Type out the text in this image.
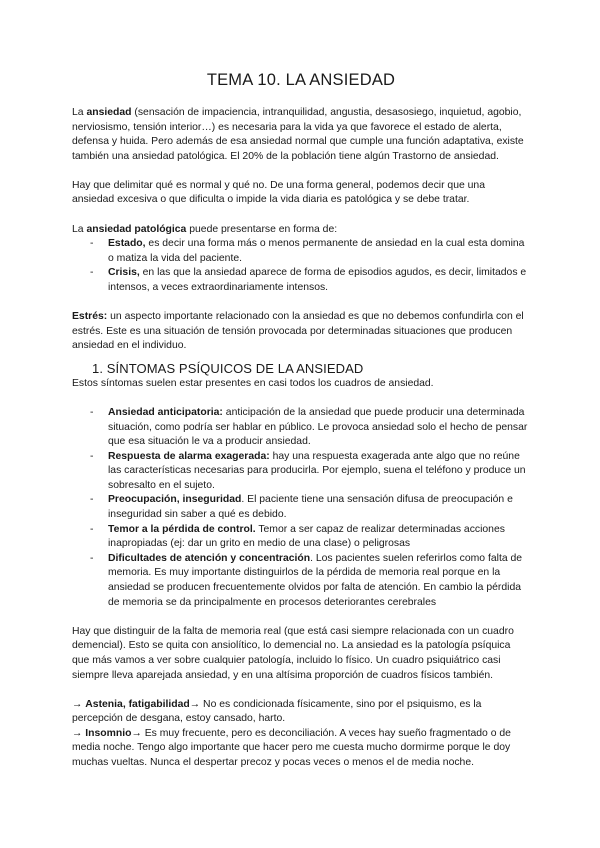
TEMA 10. LA ANSIEDAD

La ansiedad (sensación de impaciencia, intranquilidad, angustia, desasosiego, inquietud, agobio, nerviosismo, tensión interior…) es necesaria para la vida ya que favorece el estado de alerta, defensa y huida. Pero además de esa ansiedad normal que cumple una función adaptativa, existe también una ansiedad patológica. El 20% de la población tiene algún Trastorno de ansiedad.

Hay que delimitar qué es normal y qué no. De una forma general, podemos decir que una ansiedad excesiva o que dificulta o impide la vida diaria es patológica y se debe tratar.

La ansiedad patológica puede presentarse en forma de:

- Estado, es decir una forma más o menos permanente de ansiedad en la cual esta domina o matiza la vida del paciente.
- Crisis, en las que la ansiedad aparece de forma de episodios agudos, es decir, limitados e intensos, a veces extraordinariamente intensos.

Estrés: un aspecto importante relacionado con la ansiedad es que no debemos confundirla con el estrés. Este es una situación de tensión provocada por determinadas situaciones que producen ansiedad en el individuo.

1. SÍNTOMAS PSÍQUICOS DE LA ANSIEDAD

Estos síntomas suelen estar presentes en casi todos los cuadros de ansiedad.

- Ansiedad anticipatoria: anticipación de la ansiedad que puede producir una determinada situación, como podría ser hablar en público. Le provoca ansiedad solo el hecho de pensar que esa situación le va a producir ansiedad.
- Respuesta de alarma exagerada: hay una respuesta exagerada ante algo que no reúne las características necesarias para producirla. Por ejemplo, suena el teléfono y produce un sobresalto en el sujeto.
- Preocupación, inseguridad. El paciente tiene una sensación difusa de preocupación e inseguridad sin saber a qué es debido.
- Temor a la pérdida de control. Temor a ser capaz de realizar determinadas acciones inapropiadas (ej: dar un grito en medio de una clase) o peligrosas
- Dificultades de atención y concentración. Los pacientes suelen referirlos como falta de memoria. Es muy importante distinguirlos de la pérdida de memoria real porque en la ansiedad se producen frecuentemente olvidos por falta de atención. En cambio la pérdida de memoria se da principalmente en procesos deteriorantes cerebrales

Hay que distinguir de la falta de memoria real (que está casi siempre relacionada con un cuadro demencial). Esto se quita con ansiolítico, lo demencial no. La ansiedad es la patología psíquica que más vamos a ver sobre cualquier patología, incluido lo físico. Un cuadro psiquiátrico casi siempre lleva aparejada ansiedad, y en una altísima proporción de cuadros físicos también.

→ Astenia, fatigabilidad→ No es condicionada físicamente, sino por el psiquismo, es la percepción de desgana, estoy cansado, harto.

→ Insomnio→ Es muy frecuente, pero es deconciliación. A veces hay sueño fragmentado o de media noche. Tengo algo importante que hacer pero me cuesta mucho dormirme porque le doy muchas vueltas. Nunca el despertar precoz y pocas veces o menos el de media noche.
